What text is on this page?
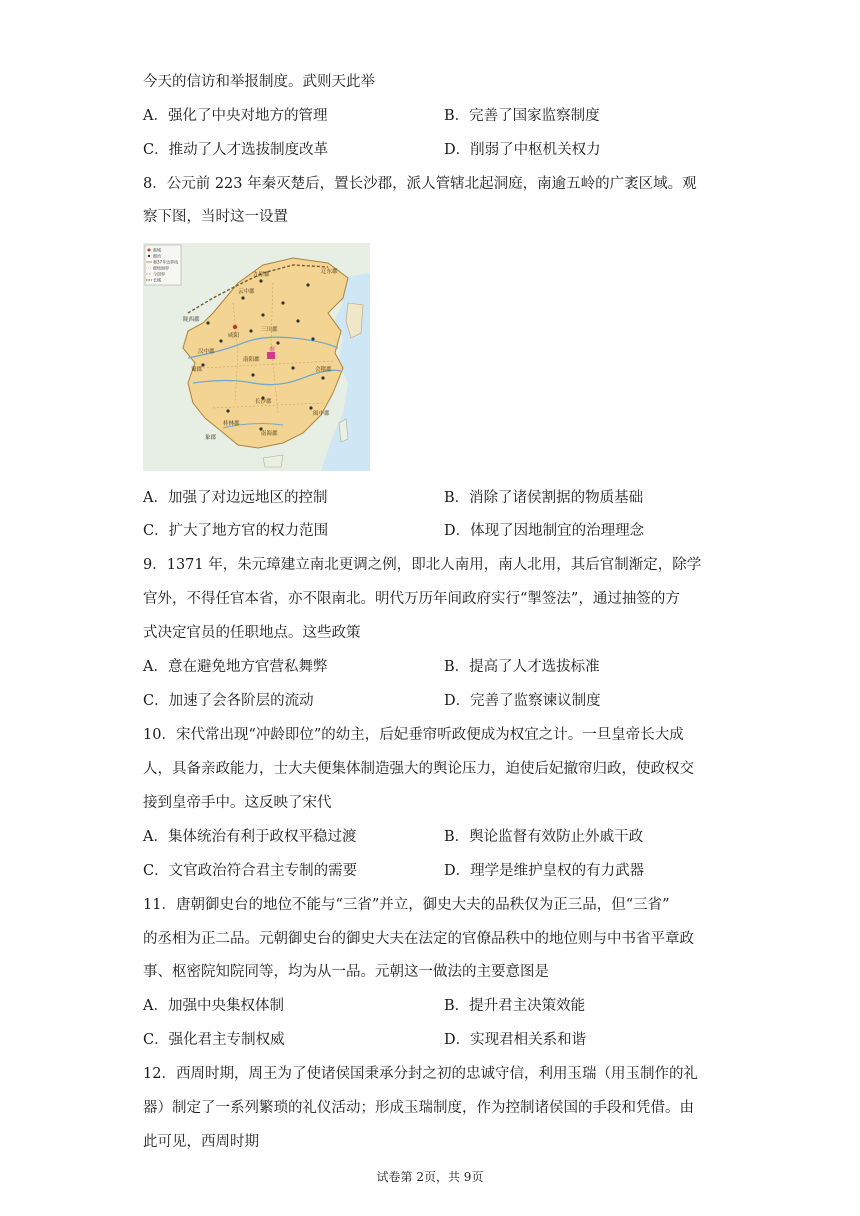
今天的信访和举报制度。武则天此举
A．强化了中央对地方的管理	B．完善了国家监察制度
C．推动了人才选拔制度改革	D．削弱了中枢机关权力
8．公元前 223 年秦灭楚后，置长沙郡，派人管辖北起洞庭，南逾五岭的广袤区域。观
察下图，当时这一设置
都城
郡治
秦37年边界线
郡级面界
今国界
长城
九原郡	辽东郡
云中郡
陇西郡
咸阳
汉中郡
蜀郡
三川郡
南阳郡
长沙郡
会稽郡
闽中郡
南海郡
桂林郡
象郡
秦
A．加强了对边远地区的控制	B．消除了诸侯割据的物质基础
C．扩大了地方官的权力范围	D．体现了因地制宜的治理理念
9．1371 年，朱元璋建立南北更调之例，即北人南用，南人北用，其后官制渐定，除学
官外，不得任官本省，亦不限南北。明代万历年间政府实行“掣签法”，通过抽签的方
式决定官员的任职地点。这些政策
A．意在避免地方官营私舞弊	B．提高了人才选拔标准
C．加速了会各阶层的流动	D．完善了监察谏议制度
10．宋代常出现“冲龄即位”的幼主，后妃垂帘听政便成为权宜之计。一旦皇帝长大成
人，具备亲政能力，士大夫便集体制造强大的舆论压力，迫使后妃撤帘归政，使政权交
接到皇帝手中。这反映了宋代
A．集体统治有利于政权平稳过渡	B．舆论监督有效防止外戚干政
C．文官政治符合君主专制的需要	D．理学是维护皇权的有力武器
11．唐朝御史台的地位不能与“三省”并立，御史大夫的品秩仅为正三品，但“三省”
的丞相为正二品。元朝御史台的御史大夫在法定的官僚品秩中的地位则与中书省平章政
事、枢密院知院同等，均为从一品。元朝这一做法的主要意图是
A．加强中央集权体制	B．提升君主决策效能
C．强化君主专制权威	D．实现君相关系和谐
12．西周时期，周王为了使诸侯国秉承分封之初的忠诚守信，利用玉瑞（用玉制作的礼
器）制定了一系列繁琐的礼仪活动；形成玉瑞制度，作为控制诸侯国的手段和凭借。由
此可见，西周时期
试卷第 2页，共 9页
